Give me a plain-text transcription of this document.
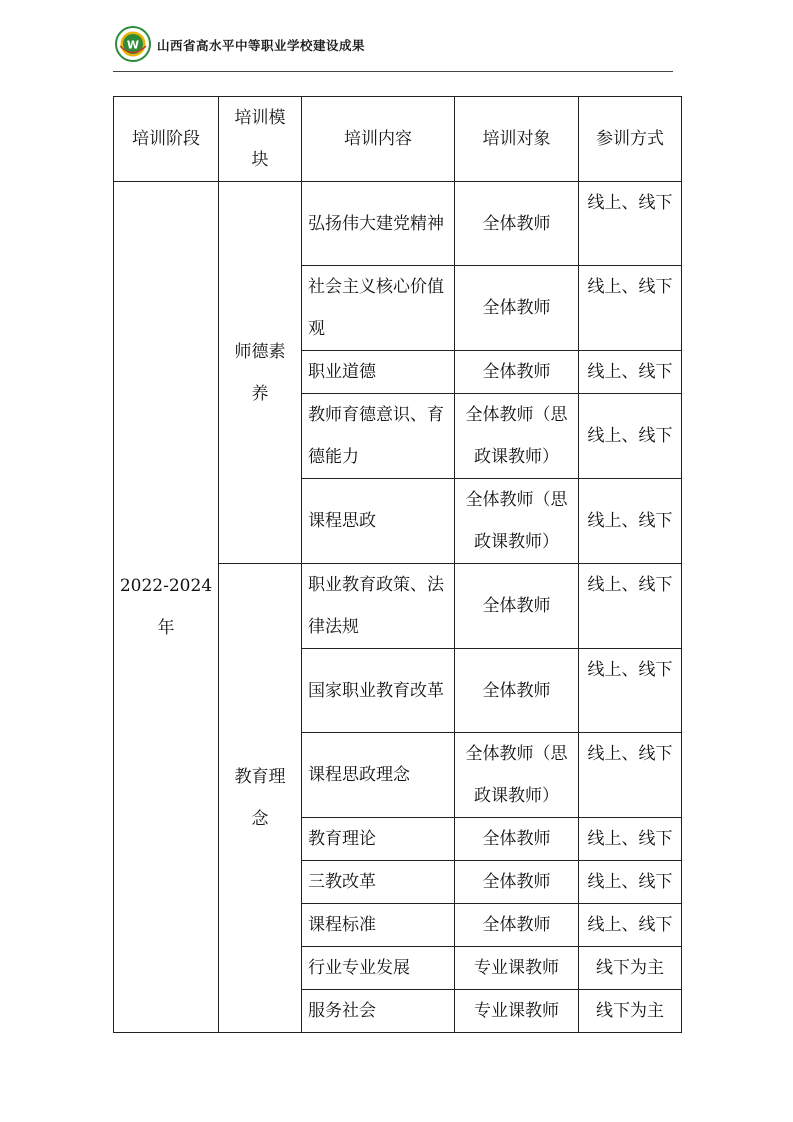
W 山西省高水平中等职业学校建设成果
培训阶段	培训模块	培训内容	培训对象	参训方式
2022-2024年	师德素养	弘扬伟大建党精神	全体教师	线上、线下
		社会主义核心价值观	全体教师	线上、线下
		职业道德	全体教师	线上、线下
		教师育德意识、育德能力	全体教师（思政课教师）	线上、线下
		课程思政	全体教师（思政课教师）	线上、线下
	教育理念	职业教育政策、法律法规	全体教师	线上、线下
		国家职业教育改革	全体教师	线上、线下
		课程思政理念	全体教师（思政课教师）	线上、线下
		教育理论	全体教师	线上、线下
		三教改革	全体教师	线上、线下
		课程标准	全体教师	线上、线下
		行业专业发展	专业课教师	线下为主
		服务社会	专业课教师	线下为主
